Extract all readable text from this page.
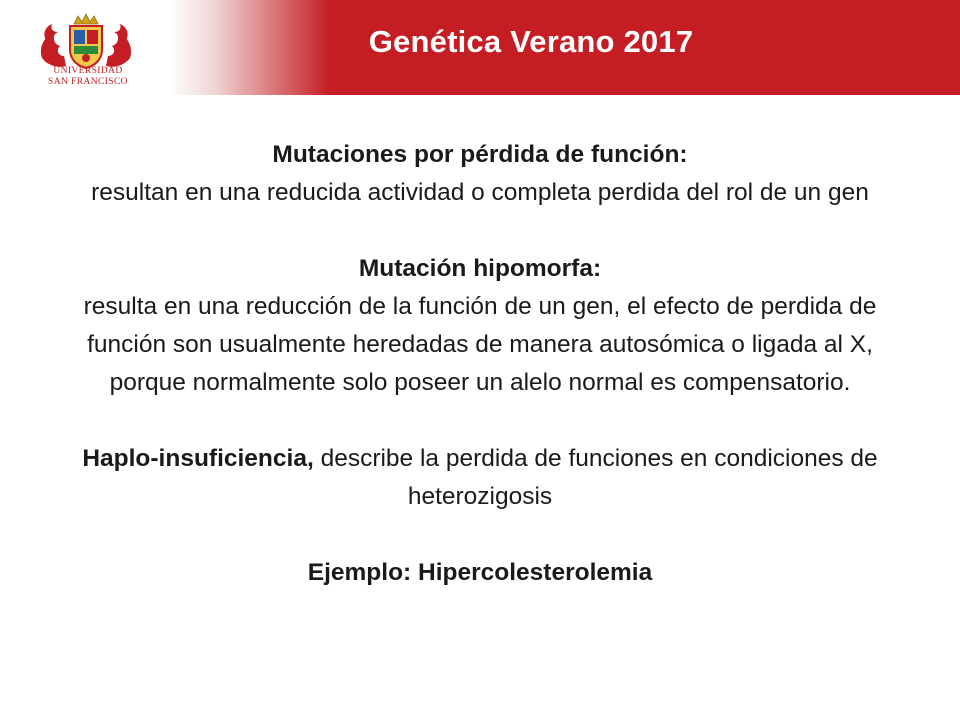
UNIVERSIDAD
SAN FRANCISCO
Genética Verano 2017

Mutaciones por pérdida de función:

resultan en una reducida actividad o completa perdida del rol de un gen

Mutación hipomorfa:

resulta en una reducción de la función de un gen, el efecto de perdida de función son usualmente heredadas de manera autosómica o ligada al X, porque normalmente solo poseer un alelo normal es compensatorio.

Haplo-insuficiencia, describe la perdida de funciones en condiciones de heterozigosis

Ejemplo: Hipercolesterolemia
